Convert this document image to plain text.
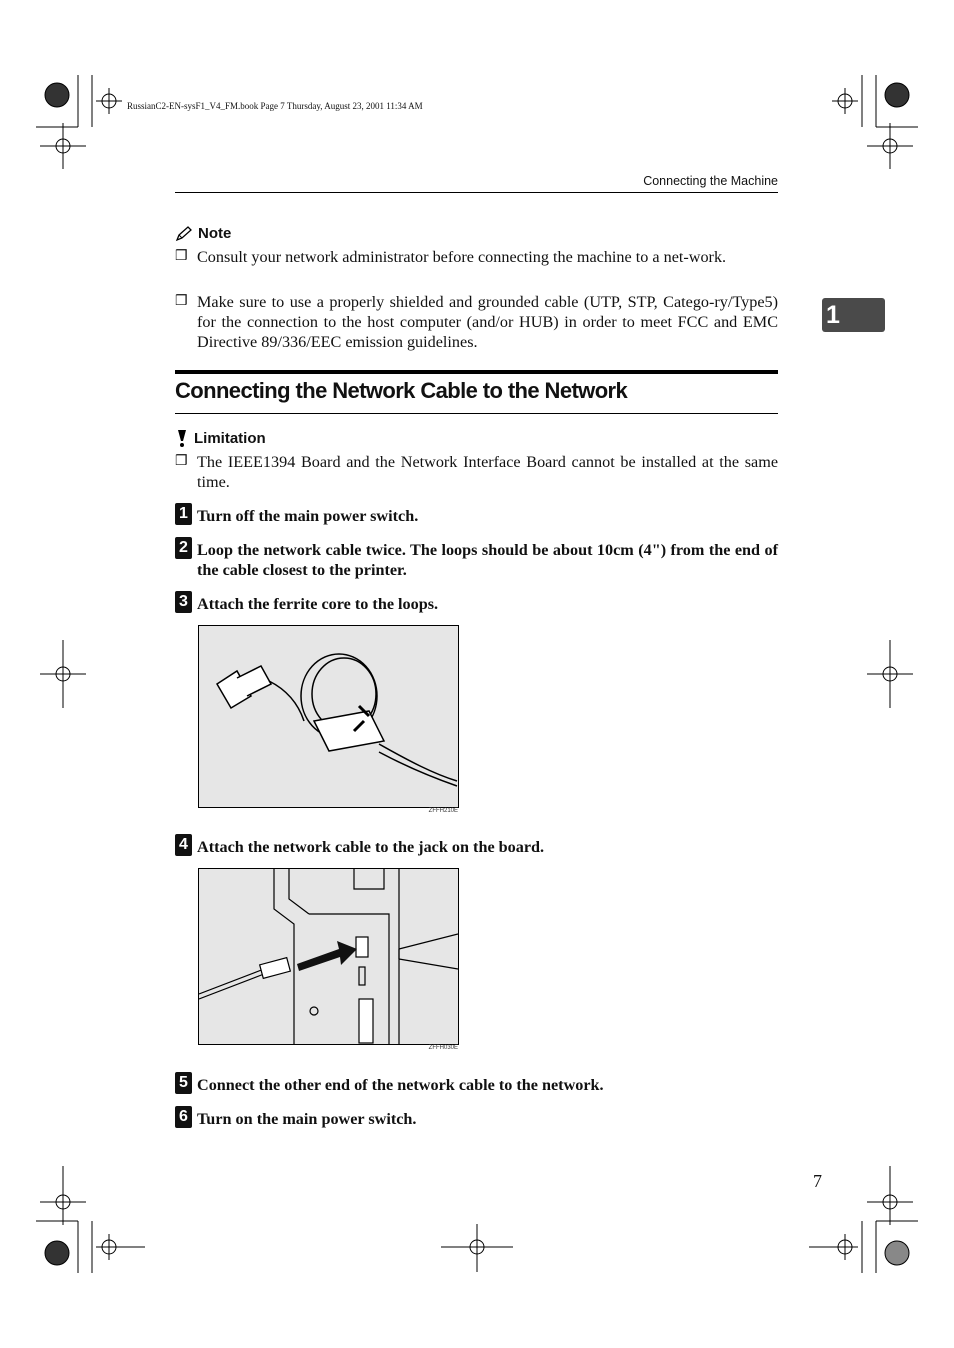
RussianC2-EN-sysF1_V4_FM.book Page 7 Thursday, August 23, 2001 11:34 AM
Connecting the Machine
1
Note
❒ Consult your network administrator before connecting the machine to a net-work.
❒ Make sure to use a properly shielded and grounded cable (UTP, STP, Catego-ry/Type5) for the connection to the host computer (and/or HUB) in order to meet FCC and EMC Directive 89/336/EEC emission guidelines.
Connecting the Network Cable to the Network
Limitation
❒ The IEEE1394 Board and the Network Interface Board cannot be installed at the same time.
1 Turn off the main power switch.
2 Loop the network cable twice. The loops should be about 10cm (4") from the end of the cable closest to the printer.
3 Attach the ferrite core to the loops.
ZFFH210E
4 Attach the network cable to the jack on the board.
ZFFH030E
5 Connect the other end of the network cable to the network.
6 Turn on the main power switch.
7
